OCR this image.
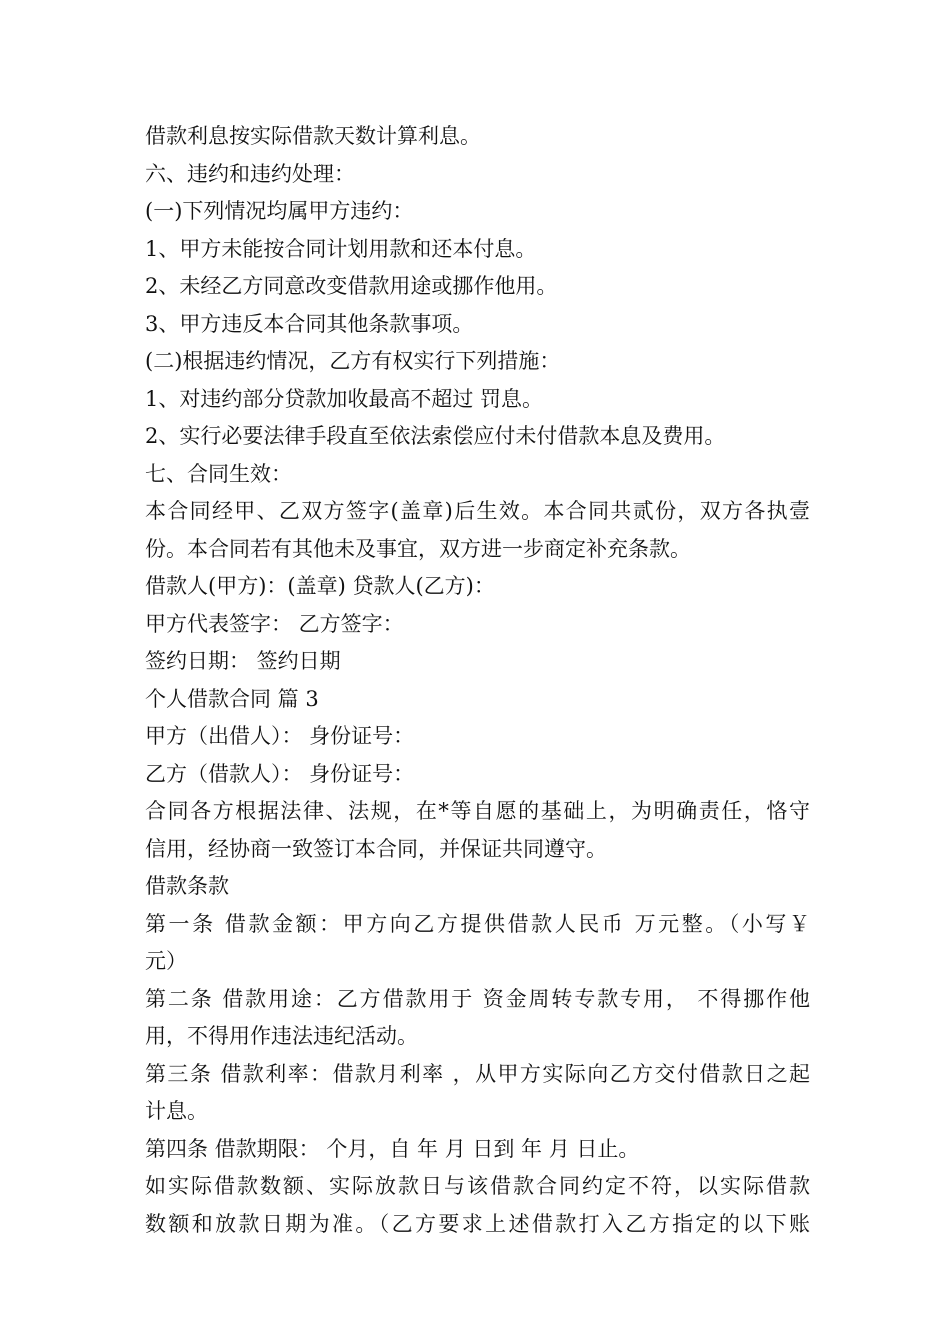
借款利息按实际借款天数计算利息。
六、违约和违约处理：
(一)下列情况均属甲方违约：
1、甲方未能按合同计划用款和还本付息。
2、未经乙方同意改变借款用途或挪作他用。
3、甲方违反本合同其他条款事项。
(二)根据违约情况，乙方有权实行下列措施：
1、对违约部分贷款加收最高不超过 罚息。
2、实行必要法律手段直至依法索偿应付未付借款本息及费用。
七、合同生效：
本合同经甲、乙双方签字(盖章)后生效。本合同共贰份，双方各执壹
份。本合同若有其他未及事宜，双方进一步商定补充条款。
借款人(甲方)：(盖章) 贷款人(乙方)：
甲方代表签字： 乙方签字：
签约日期： 签约日期
个人借款合同 篇 3
甲方（出借人）： 身份证号：
乙方（借款人）： 身份证号：
合同各方根据法律、法规，在*等自愿的基础上，为明确责任，恪守
信用，经协商一致签订本合同，并保证共同遵守。
借款条款
第一条 借款金额：甲方向乙方提供借款人民币 万元整。（小写￥
元）
第二条 借款用途：乙方借款用于 资金周转专款专用， 不得挪作他
用，不得用作违法违纪活动。
第三条 借款利率：借款月利率 ，从甲方实际向乙方交付借款日之起
计息。
第四条 借款期限： 个月，自 年 月 日到 年 月 日止。
如实际借款数额、实际放款日与该借款合同约定不符，以实际借款
数额和放款日期为准。（乙方要求上述借款打入乙方指定的以下账
